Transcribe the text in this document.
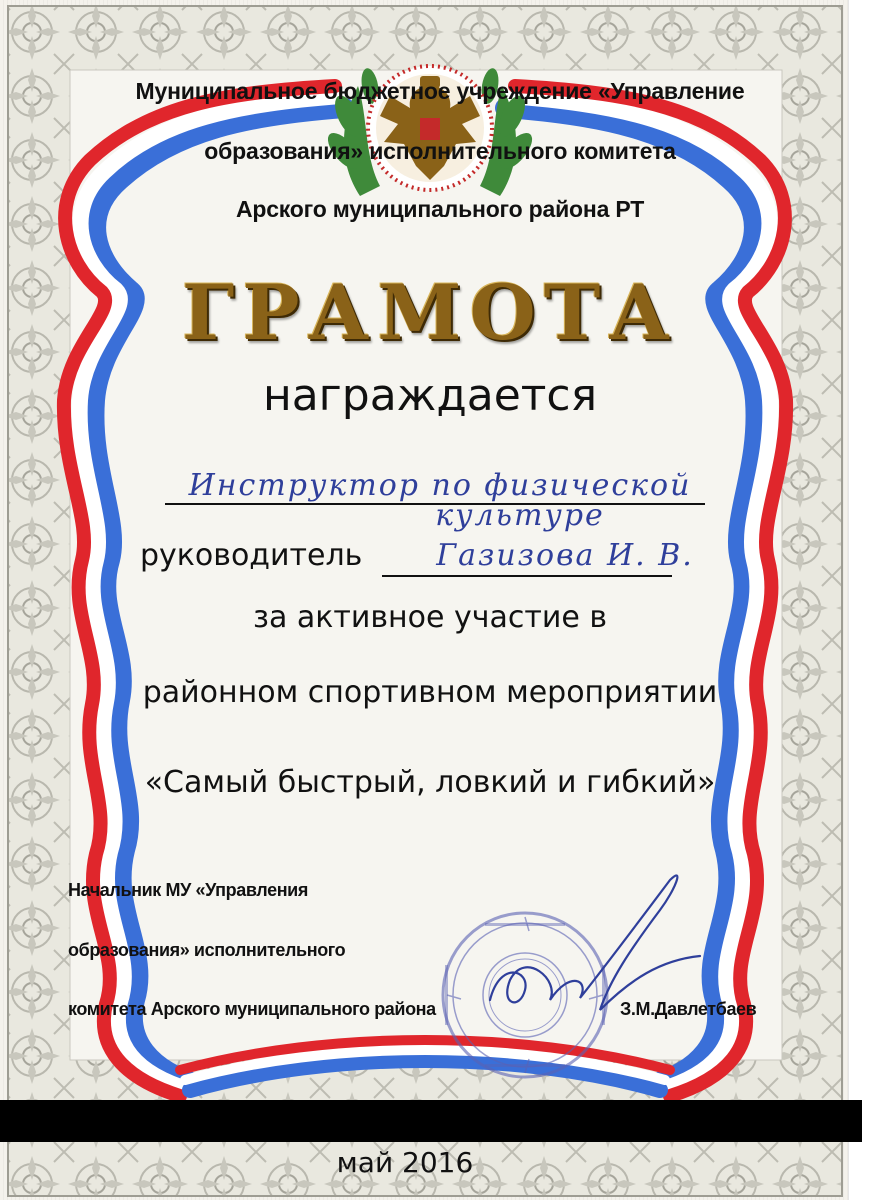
Муниципальное бюджетное учреждение «Управление
образования» исполнительного комитета
Арского муниципального района РТ
ГРАМОТА
награждается
Инструктор по физической
культуре
руководитель	Газизова И. В.
за активное участие в
районном спортивном мероприятии
«Самый быстрый, ловкий и гибкий»
Начальник МУ «Управления
образования» исполнительного
комитета Арского муниципального района	З.М.Давлетбаев
май 2016
